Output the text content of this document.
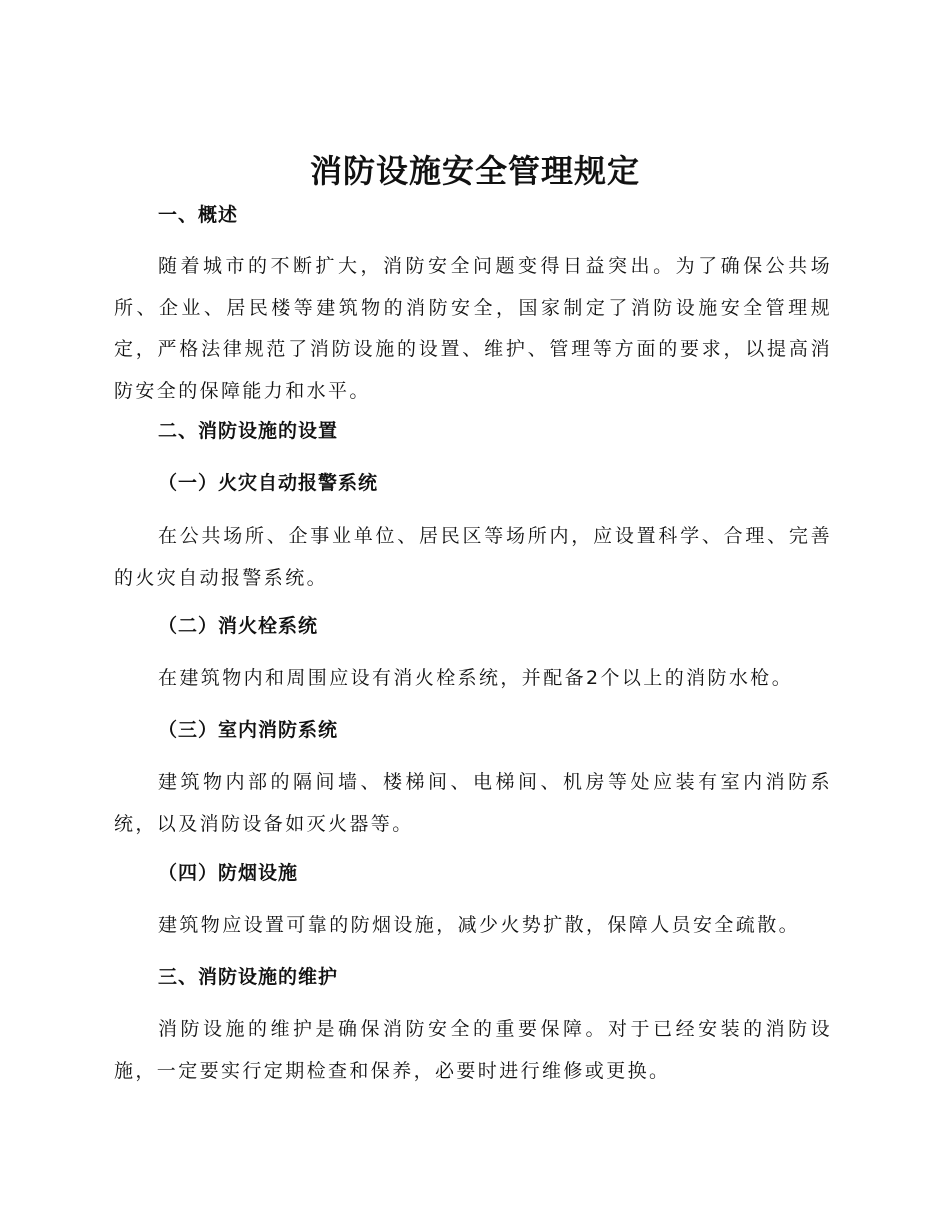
消防设施安全管理规定
一、概述
随着城市的不断扩大，消防安全问题变得日益突出。为了确保公共场所、企业、居民楼等建筑物的消防安全，国家制定了消防设施安全管理规定，严格法律规范了消防设施的设置、维护、管理等方面的要求，以提高消防安全的保障能力和水平。
二、消防设施的设置
（一）火灾自动报警系统
在公共场所、企事业单位、居民区等场所内，应设置科学、合理、完善的火灾自动报警系统。
（二）消火栓系统
在建筑物内和周围应设有消火栓系统，并配备2个以上的消防水枪。
（三）室内消防系统
建筑物内部的隔间墙、楼梯间、电梯间、机房等处应装有室内消防系统，以及消防设备如灭火器等。
（四）防烟设施
建筑物应设置可靠的防烟设施，减少火势扩散，保障人员安全疏散。
三、消防设施的维护
消防设施的维护是确保消防安全的重要保障。对于已经安装的消防设施，一定要实行定期检查和保养，必要时进行维修或更换。
